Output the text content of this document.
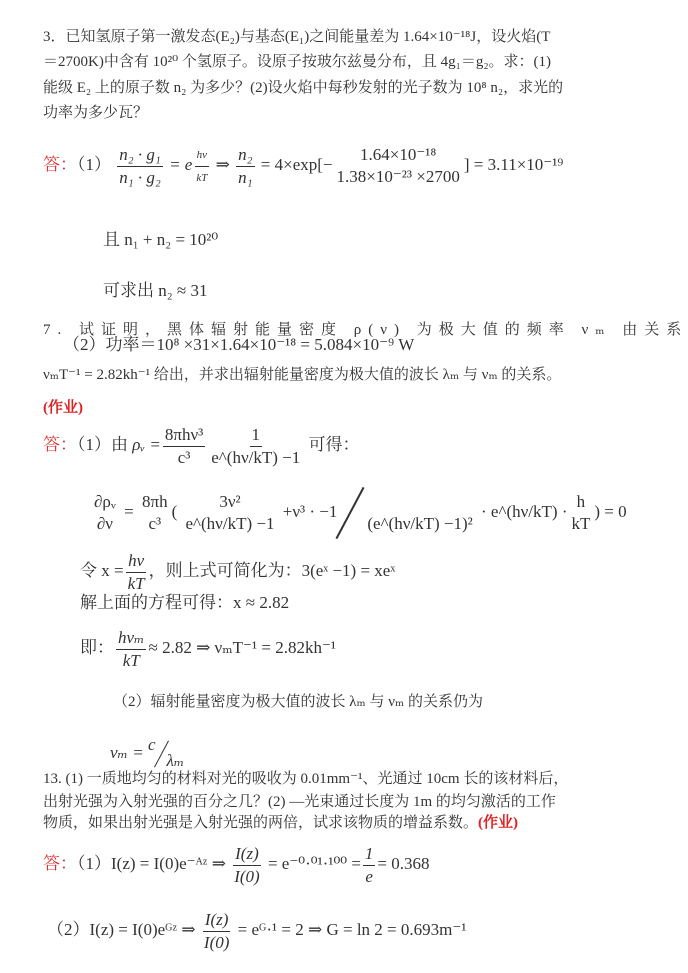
3．已知氢原子第一激发态(E₂)与基态(E₁)之间能量差为 1.64×10⁻¹⁸J，设火焰(T
＝2700K)中含有 10²⁰ 个氢原子。设原子按玻尔兹曼分布，且 4g₁＝g₂。求：(1)
能级 E₂ 上的原子数 n₂ 为多少？(2)设火焰中每秒发射的光子数为 10⁸ n₂，求光的
功率为多少瓦？
答：$(1) \frac{\text{n₂ · g₁}}{\text{n₁ · g₂}} = e \frac{h\nu}{kT}$ ⇒ $\frac{\text{n₂}}{\text{n₁}} = 4\times\exp[-$
1.64×10⁻¹⁸
1.38×10⁻²³ ×2700
] = 3.11×10⁻¹⁹
且 n₁ + n₂ = 10²⁰
可求出 n₂ ≈ 31
（2）功率＝10⁸ ×31×1.64×10⁻¹⁸ = 5.084×10⁻⁹ W
7. 试证明，黑体辐射能量密度 ρ(ν) 为极大值的频率 νₘ 由关系
νₘT⁻¹ = 2.82kh⁻¹ 给出，并求出辐射能量密度为极大值的波长 λₘ 与 νₘ 的关系。
(作业)
答：（1）由 ρᵥ = $\frac{\text{8πhν³}}{\text{c³}} \frac{1}{e\^{}(h\nu/kT) -1}$ 可得：
∂ρᵥ
∂ν
=
8πh
c³
(
3ν²
e^(hν/kT) −1
+ν³ · −1

(e^(hν/kT) −1)²
· e^(hν/kT) ·
h
kT
) = 0
令 $x = \frac{h\nu}{kT}$ ，则上式可简化为：3(eˣ −1) = xeˣ
解上面的方程可得：x ≈ 2.82
即： $\frac{\text{hνₘ}}{kT} \approx 2.82$ ⇒ νₘT⁻¹ = 2.82kh⁻¹
（2）辐射能量密度为极大值的波长 λₘ 与 νₘ 的关系仍为
νₘ = cλₘ
13. (1) 一质地均匀的材料对光的吸收为 0.01mm⁻¹、光通过 10cm 长的该材料后，
出射光强为入射光强的百分之几？(2) —光束通过长度为 1m 的均匀激活的工作
物质，如果出射光强是入射光强的两倍，试求该物质的增益系数。(作业)
答：（1）I(z) = I(0)e⁻ᴬᶻ ⇒ $\frac{I(z)}{I(0)} = e^{-0}\cdot^{01}\cdot^{100} = \frac{1}{e} = 0.368$
（2）I(z) = I(0)eᴳᶻ ⇒ $\frac{I(z)}{I(0)}$ = eᴳ·¹ = 2 ⇒ G = ln 2 = 0.693m⁻¹
